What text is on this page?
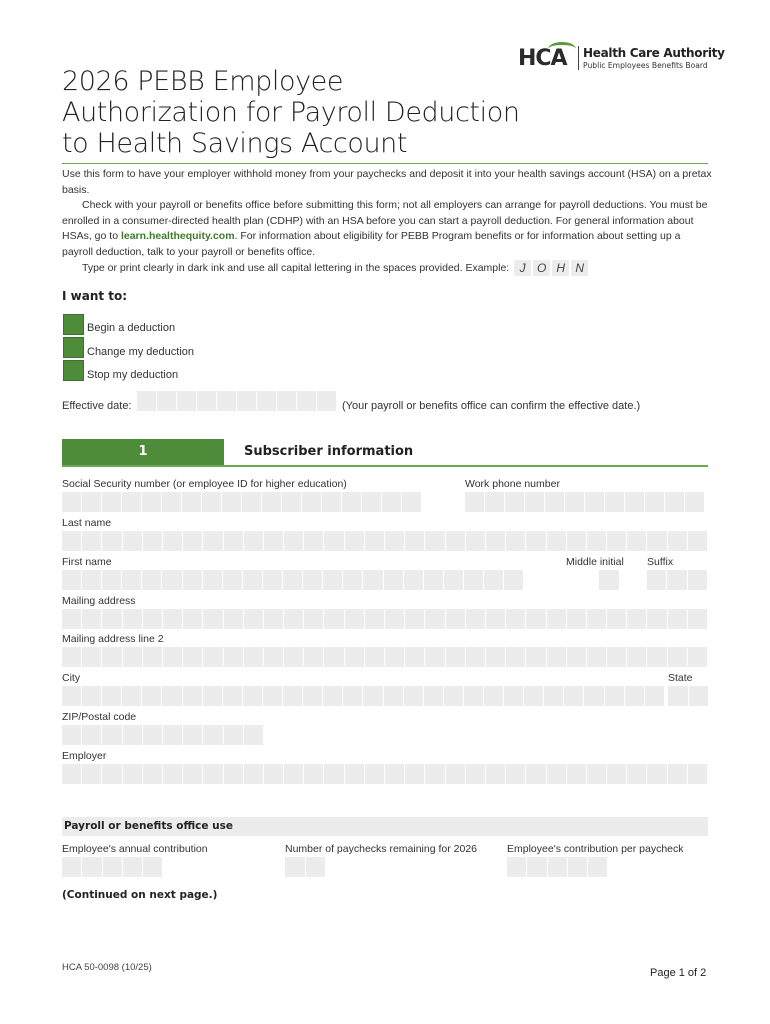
HCA Health Care Authority
Public Employees Benefits Board
2026 PEBB Employee
Authorization for Payroll Deduction
to Health Savings Account
Use this form to have your employer withhold money from your paychecks and deposit it into your health savings account (HSA) on a pretax basis.
Check with your payroll or benefits office before submitting this form; not all employers can arrange for payroll deductions. You must be enrolled in a consumer-directed health plan (CDHP) with an HSA before you can start a payroll deduction. For general information about HSAs, go to learn.healthequity.com. For information about eligibility for PEBB Program benefits or for information about setting up a payroll deduction, talk to your payroll or benefits office.
Type or print clearly in dark ink and use all capital lettering in the spaces provided. Example: J O H N
I want to:
Begin a deduction
Change my deduction
Stop my deduction
Effective date:	(Your payroll or benefits office can confirm the effective date.)
1	Subscriber information
Social Security number (or employee ID for higher education)	Work phone number
Last name
First name	Middle initial Suffix
Mailing address
Mailing address line 2
City	State
ZIP/Postal code
Employer
Payroll or benefits office use
Employee's annual contribution	Number of paychecks remaining for 2026	Employee's contribution per paycheck
(Continued on next page.)
HCA 50-0098 (10/25)	Page 1 of 2
